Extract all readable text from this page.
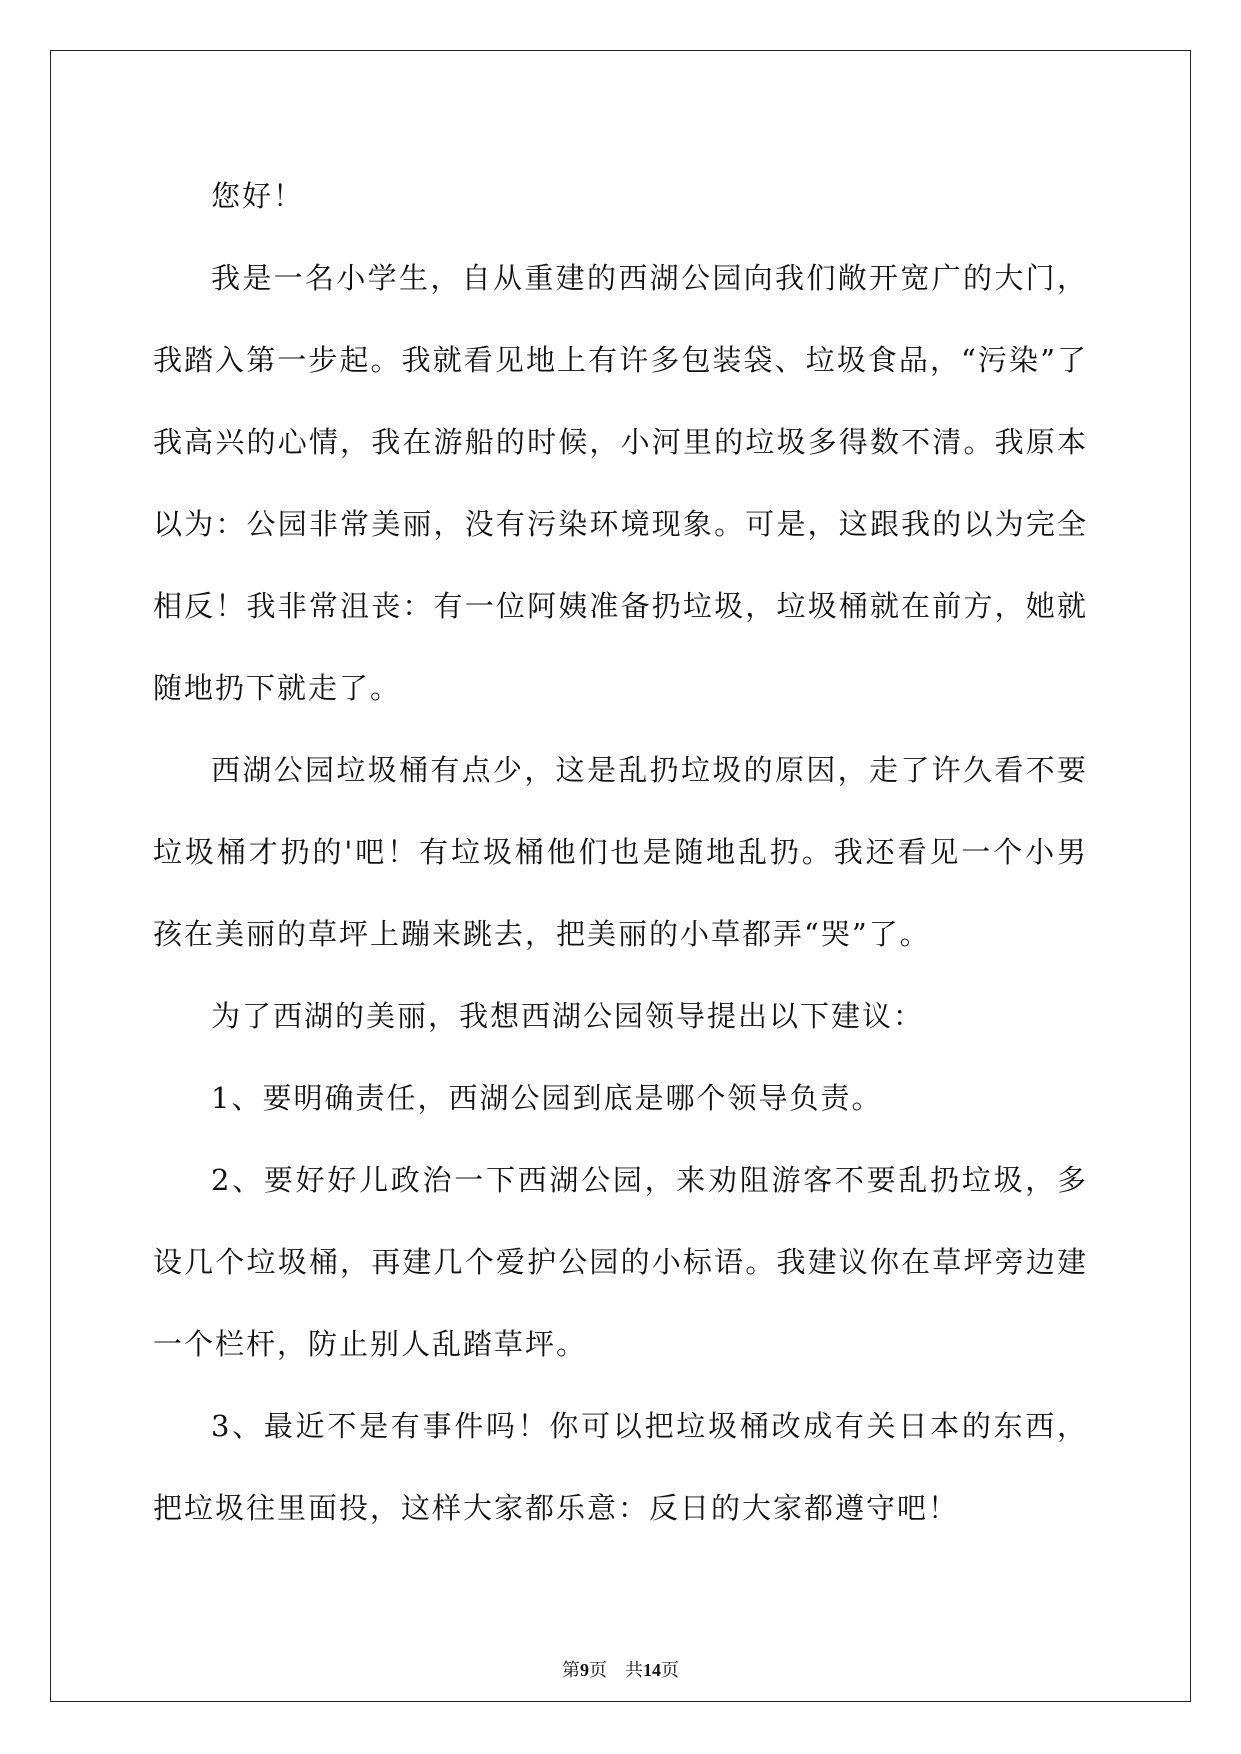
您好！

我是一名小学生，自从重建的西湖公园向我们敞开宽广的大门，我踏入第一步起。我就看见地上有许多包装袋、垃圾食品，“污染”了我高兴的心情，我在游船的时候，小河里的垃圾多得数不清。我原本以为：公园非常美丽，没有污染环境现象。可是，这跟我的以为完全相反！我非常沮丧：有一位阿姨准备扔垃圾，垃圾桶就在前方，她就随地扔下就走了。

西湖公园垃圾桶有点少，这是乱扔垃圾的原因，走了许久看不要垃圾桶才扔的'吧！有垃圾桶他们也是随地乱扔。我还看见一个小男孩在美丽的草坪上蹦来跳去，把美丽的小草都弄“哭”了。

为了西湖的美丽，我想西湖公园领导提出以下建议：

1、要明确责任，西湖公园到底是哪个领导负责。

2、要好好儿政治一下西湖公园，来劝阻游客不要乱扔垃圾，多设几个垃圾桶，再建几个爱护公园的小标语。我建议你在草坪旁边建一个栏杆，防止别人乱踏草坪。

3、最近不是有事件吗！你可以把垃圾桶改成有关日本的东西，把垃圾往里面投，这样大家都乐意：反日的大家都遵守吧！

第9页 共14页
